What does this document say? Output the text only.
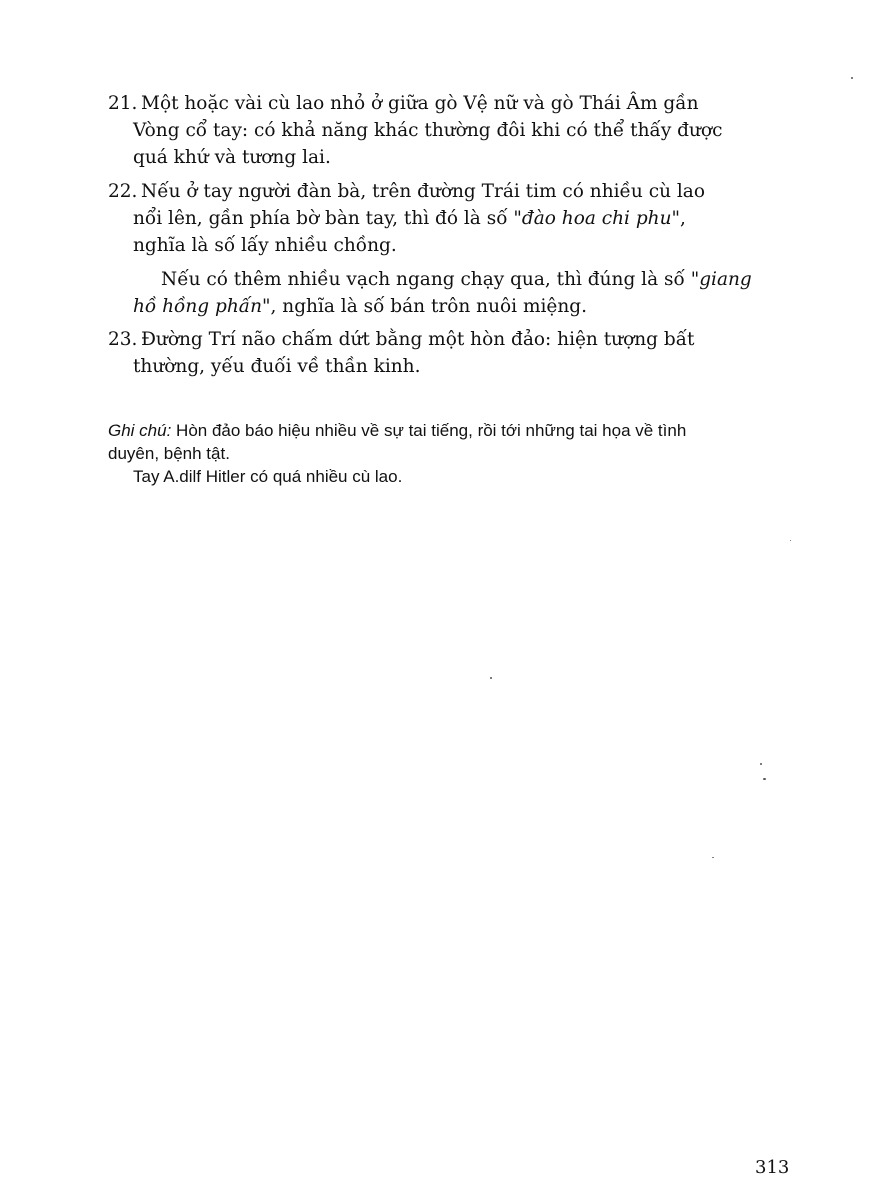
21. Một hoặc vài cù lao nhỏ ở giữa gò Vệ nữ và gò Thái Âm gần
Vòng cổ tay: có khả năng khác thường đôi khi có thể thấy được
quá khứ và tương lai.
22. Nếu ở tay người đàn bà, trên đường Trái tim có nhiều cù lao
nổi lên, gần phía bờ bàn tay, thì đó là số "đào hoa chi phu",
nghĩa là số lấy nhiều chồng.
Nếu có thêm nhiều vạch ngang chạy qua, thì đúng là số "giang
hồ hồng phấn", nghĩa là số bán trôn nuôi miệng.
23. Đường Trí não chấm dứt bằng một hòn đảo: hiện tượng bất
thường, yếu đuối về thần kinh.
Ghi chú: Hòn đảo báo hiệu nhiều về sự tai tiếng, rồi tới những tai họa về tình
duyên, bệnh tật.
Tay A.dilf Hitler có quá nhiều cù lao.
313
